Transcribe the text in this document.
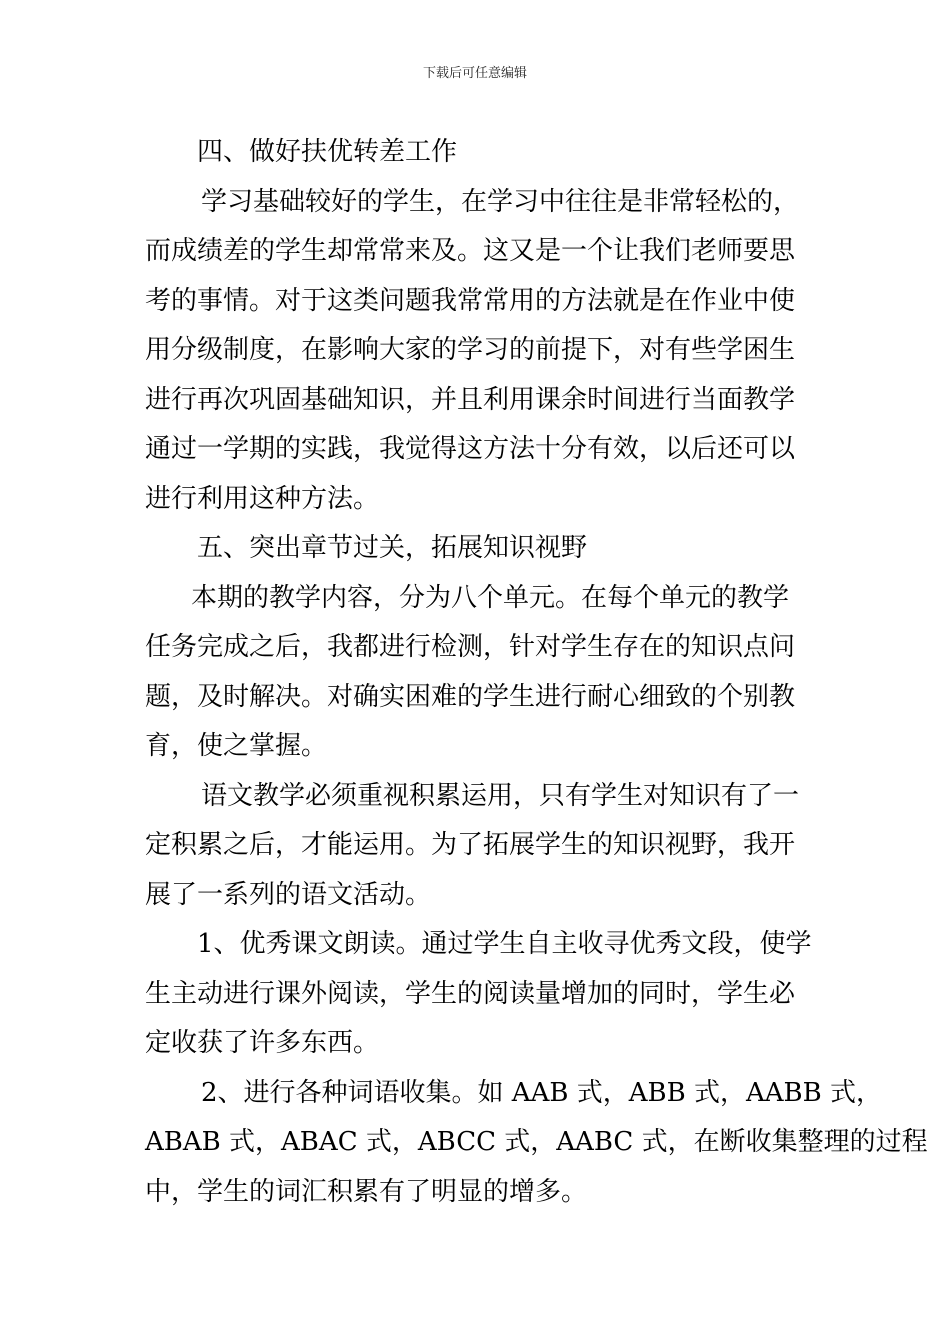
下载后可任意编辑

四、做好扶优转差工作

学习基础较好的学生，在学习中往往是非常轻松的，
而成绩差的学生却常常来及。这又是一个让我们老师要思
考的事情。对于这类问题我常常用的方法就是在作业中使
用分级制度，在影响大家的学习的前提下，对有些学困生
进行再次巩固基础知识，并且利用课余时间进行当面教学
通过一学期的实践，我觉得这方法十分有效，以后还可以
进行利用这种方法。

五、突出章节过关，拓展知识视野

本期的教学内容，分为八个单元。在每个单元的教学
任务完成之后，我都进行检测，针对学生存在的知识点问
题，及时解决。对确实困难的学生进行耐心细致的个别教
育，使之掌握。

语文教学必须重视积累运用，只有学生对知识有了一
定积累之后，才能运用。为了拓展学生的知识视野，我开
展了一系列的语文活动。

1、优秀课文朗读。通过学生自主收寻优秀文段，使学
生主动进行课外阅读，学生的阅读量增加的同时，学生必
定收获了许多东西。

2、进行各种词语收集。如 AAB 式，ABB 式，AABB 式，
ABAB 式，ABAC 式，ABCC 式，AABC 式，在断收集整理的过程
中，学生的词汇积累有了明显的增多。
